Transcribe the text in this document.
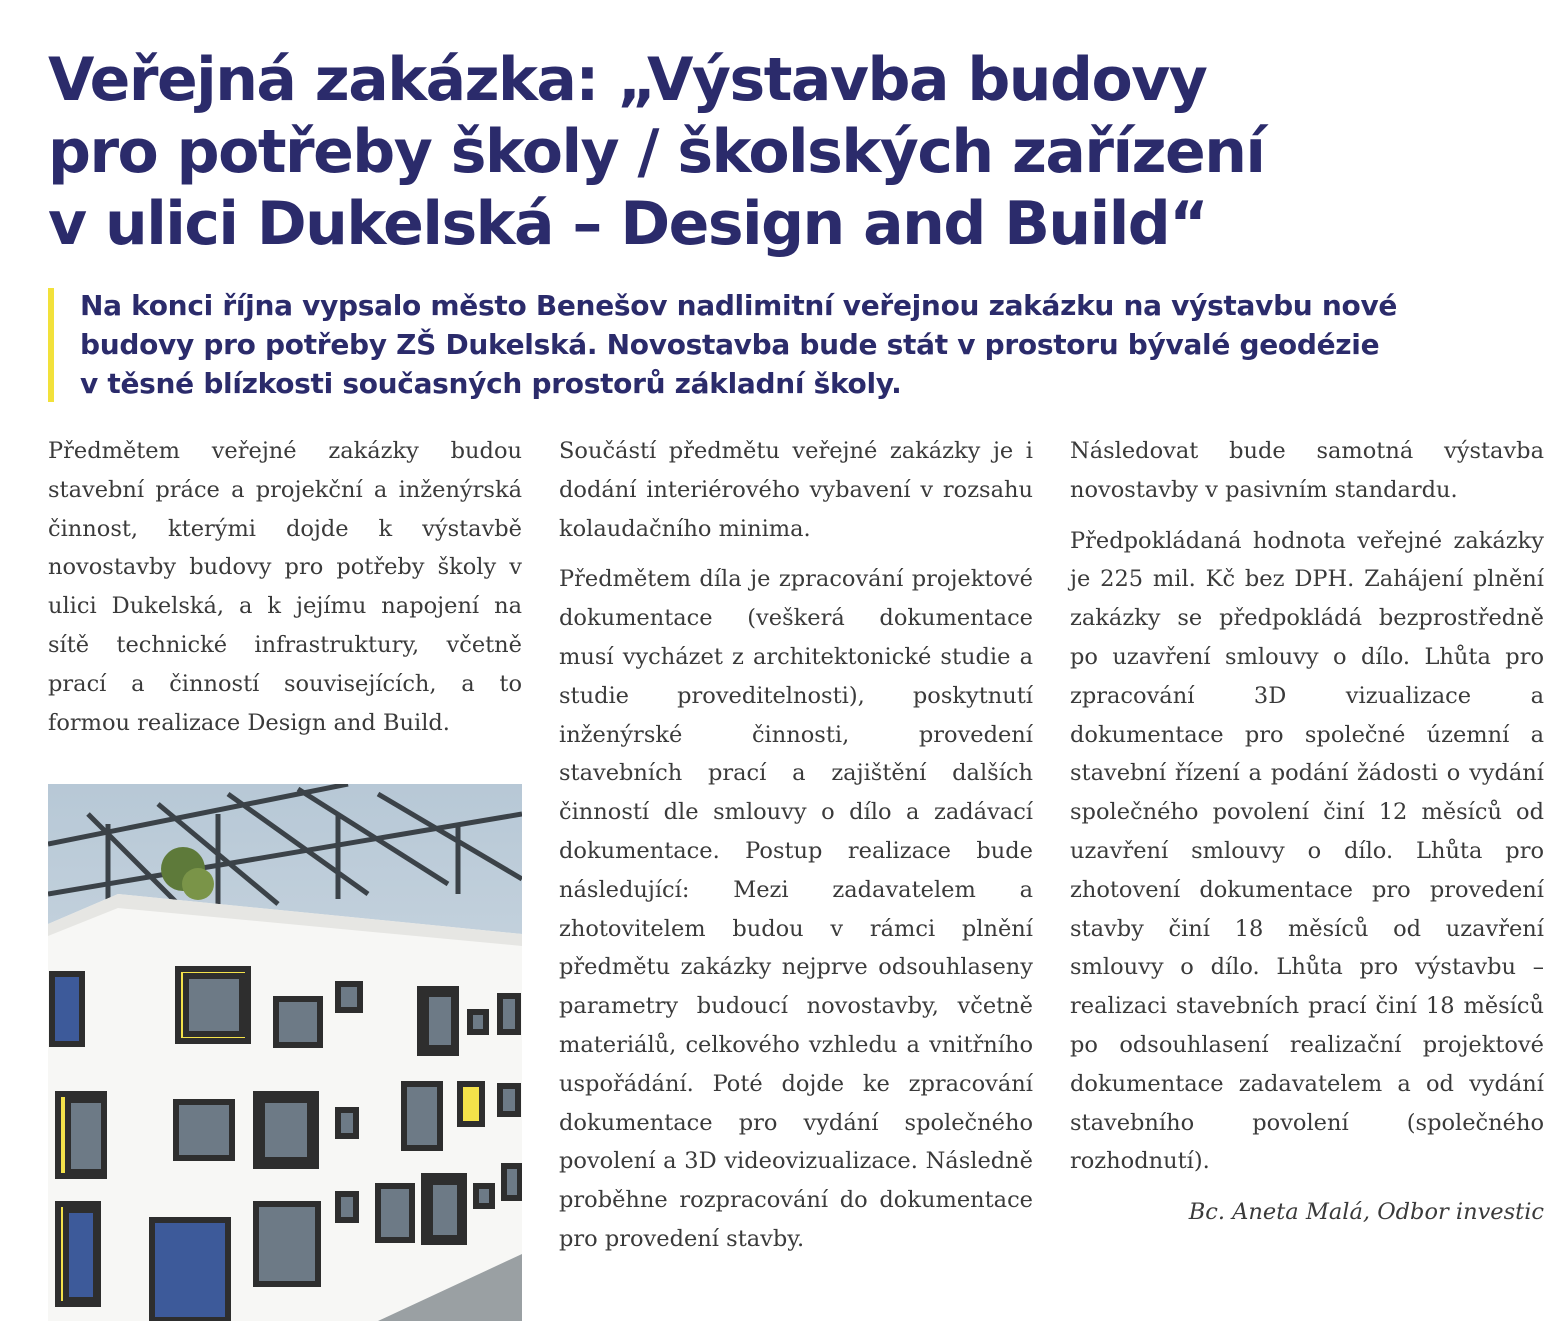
Veřejná zakázka: „Výstavba budovy
pro potřeby školy / školských zařízení
v ulici Dukelská – Design and Build“

Na konci října vypsalo město Benešov nadlimitní veřejnou zakázku na výstavbu nové
budovy pro potřeby ZŠ Dukelská. Novostavba bude stát v prostoru bývalé geodézie
v těsné blízkosti současných prostorů základní školy.

Předmětem veřejné zakázky budou stavební práce a projekční a inženýrská činnost, kterými dojde k výstavbě novostavby budovy pro potřeby školy v ulici Dukelská, a k jejímu napojení na sítě technické infrastruktury, včetně prací a činností souvisejících, a to formou realizace Design and Build.

Součástí předmětu veřejné zakázky je i dodání interiérového vybavení v rozsahu kolaudačního minima.

Předmětem díla je zpracování projektové dokumentace (veškerá dokumentace musí vycházet z architektonické studie a studie proveditelnosti), poskytnutí inženýrské činnosti, provedení stavebních prací a zajištění dalších činností dle smlouvy o dílo a zadávací dokumentace. Postup realizace bude následující: Mezi zadavatelem a zhotovitelem budou v rámci plnění předmětu zakázky nejprve odsouhlaseny parametry budoucí novostavby, včetně materiálů, celkového vzhledu a vnitřního uspořádání. Poté dojde ke zpracování dokumentace pro vydání společného povolení a 3D videovizualizace. Následně proběhne rozpracování do dokumentace pro provedení stavby.

Následovat bude samotná výstavba novostavby v pasivním standardu.

Předpokládaná hodnota veřejné zakázky je 225 mil. Kč bez DPH. Zahájení plnění zakázky se předpokládá bezprostředně po uzavření smlouvy o dílo. Lhůta pro zpracování 3D vizualizace a dokumentace pro společné územní a stavební řízení a podání žádosti o vydání společného povolení činí 12 měsíců od uzavření smlouvy o dílo. Lhůta pro zhotovení dokumentace pro provedení stavby činí 18 měsíců od uzavření smlouvy o dílo. Lhůta pro výstavbu – realizaci stavebních prací činí 18 měsíců po odsouhlasení realizační projektové dokumentace zadavatelem a od vydání stavebního povolení (společného rozhodnutí).

Bc. Aneta Malá, Odbor investic
